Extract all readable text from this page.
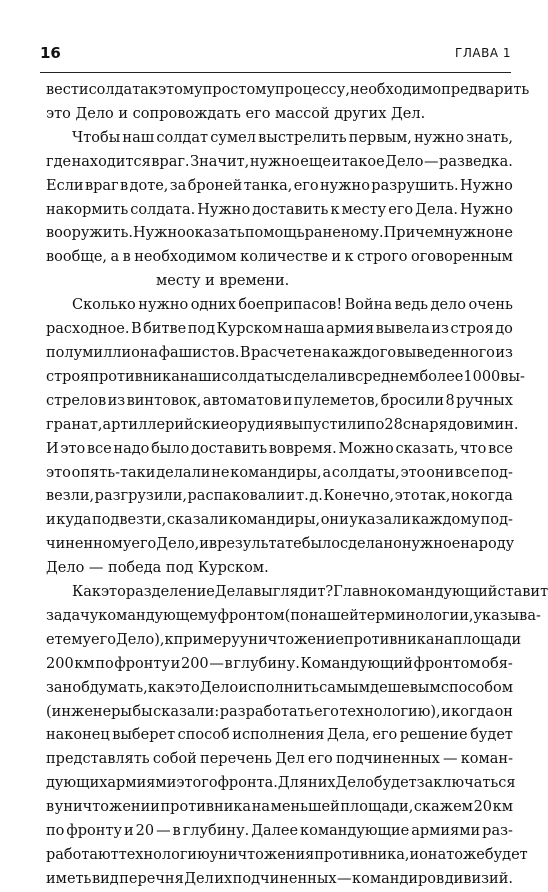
16	ГЛАВА 1
вести солдата к этому простому процессу, необходимо предварить
это Дело и сопровождать его массой других Дел.
Чтобы наш солдат сумел выстрелить первым, нужно знать,
где находится враг. Значит, нужно еще и такое Дело — разведка.
Если враг в доте, за броней танка, его нужно разрушить. Нужно
накормить солдата. Нужно доставить к месту его Дела. Нужно
вооружить. Нужно оказать помощь раненому. Причем нужно не
вообще, а в необходимом количестве и к строго оговоренным
месту и времени.
Сколько нужно одних боеприпасов! Война ведь дело очень
расходное. В битве под Курском наша армия вывела из строя до
полумиллиона фашистов. В расчете на каждого выведенного из
строя противника наши солдаты сделали в среднем более 1000 вы-
стрелов из винтовок, автоматов и пулеметов, бросили 8 ручных
гранат, артиллерийские орудия выпустили по 28 снарядов и мин.
И это все надо было доставить вовремя. Можно сказать, что все
это опять-таки делали не командиры, а солдаты, это они все под-
везли, разгрузили, распаковали и т. д. Конечно, это так, но когда
и куда подвезти, сказали командиры, они указали каждому под-
чиненному его Дело, и в результате было сделано нужное народу
Дело — победа под Курском.
Как это разделение Дела выглядит? Главнокомандующий ставит
задачу командующему фронтом (по нашей терминологии, указыва-
ет ему его Дело), к примеру уничтожение противника на площади
200 км по фронту и 200 — в глубину. Командующий фронтом обя-
зан обдумать, как это Дело исполнить самым дешевым способом
(инженеры бы сказали: разработать его технологию), и когда он
наконец выберет способ исполнения Дела, его решение будет
представлять собой перечень Дел его подчиненных — коман-
дующих армиями этого фронта. Для них Дело будет заключаться
в уничтожении противника на меньшей площади, скажем 20 км
по фронту и 20 — в глубину. Далее командующие армиями раз-
работают технологию уничтожения противника, и она тоже будет
иметь вид перечня Дел их подчиненных — командиров дивизий.
